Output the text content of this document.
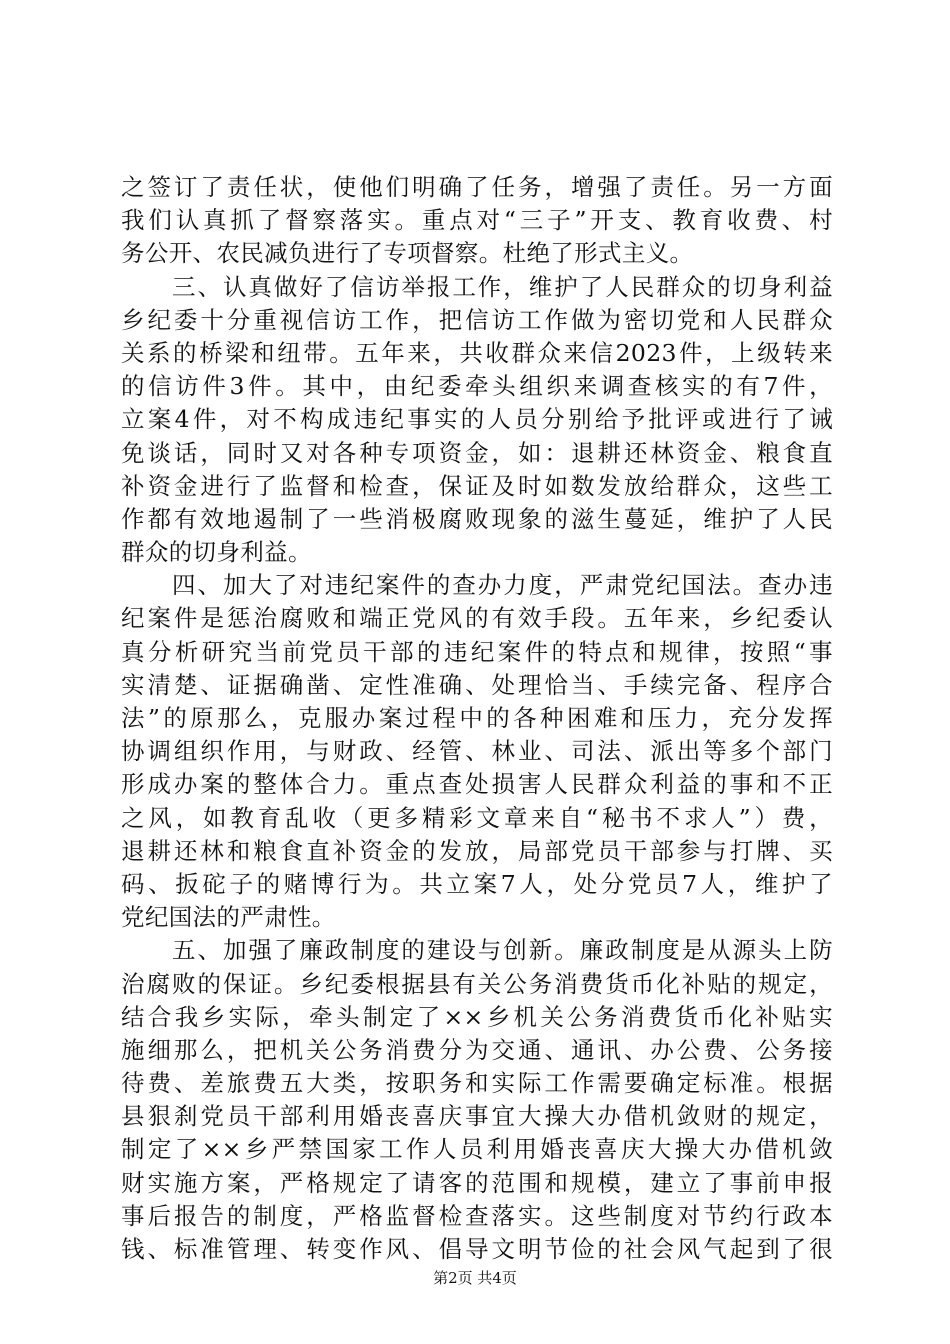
之签订了责任状，使他们明确了任务，增强了责任。另一方面
我们认真抓了督察落实。重点对“三子”开支、教育收费、村
务公开、农民减负进行了专项督察。杜绝了形式主义。
　　三、认真做好了信访举报工作，维护了人民群众的切身利益
乡纪委十分重视信访工作，把信访工作做为密切党和人民群众
关系的桥梁和纽带。五年来，共收群众来信2023件，上级转来
的信访件3件。其中，由纪委牵头组织来调查核实的有7件，
立案4件，对不构成违纪事实的人员分别给予批评或进行了诫
免谈话，同时又对各种专项资金，如：退耕还林资金、粮食直
补资金进行了监督和检查，保证及时如数发放给群众，这些工
作都有效地遏制了一些消极腐败现象的滋生蔓延，维护了人民
群众的切身利益。
　　四、加大了对违纪案件的查办力度，严肃党纪国法。查办违
纪案件是惩治腐败和端正党风的有效手段。五年来，乡纪委认
真分析研究当前党员干部的违纪案件的特点和规律，按照“事
实清楚、证据确凿、定性准确、处理恰当、手续完备、程序合
法”的原那么，克服办案过程中的各种困难和压力，充分发挥
协调组织作用，与财政、经管、林业、司法、派出等多个部门
形成办案的整体合力。重点查处损害人民群众利益的事和不正
之风，如教育乱收（更多精彩文章来自“秘书不求人”）费，
退耕还林和粮食直补资金的发放，局部党员干部参与打牌、买
码、扳砣子的赌博行为。共立案7人，处分党员7人，维护了
党纪国法的严肃性。
　　五、加强了廉政制度的建设与创新。廉政制度是从源头上防
治腐败的保证。乡纪委根据县有关公务消费货币化补贴的规定，
结合我乡实际，牵头制定了××乡机关公务消费货币化补贴实
施细那么，把机关公务消费分为交通、通讯、办公费、公务接
待费、差旅费五大类，按职务和实际工作需要确定标准。根据
县狠刹党员干部利用婚丧喜庆事宜大操大办借机敛财的规定，
制定了××乡严禁国家工作人员利用婚丧喜庆大操大办借机敛
财实施方案，严格规定了请客的范围和规模，建立了事前申报
事后报告的制度，严格监督检查落实。这些制度对节约行政本
钱、标准管理、转变作风、倡导文明节俭的社会风气起到了很
第2页 共4页
